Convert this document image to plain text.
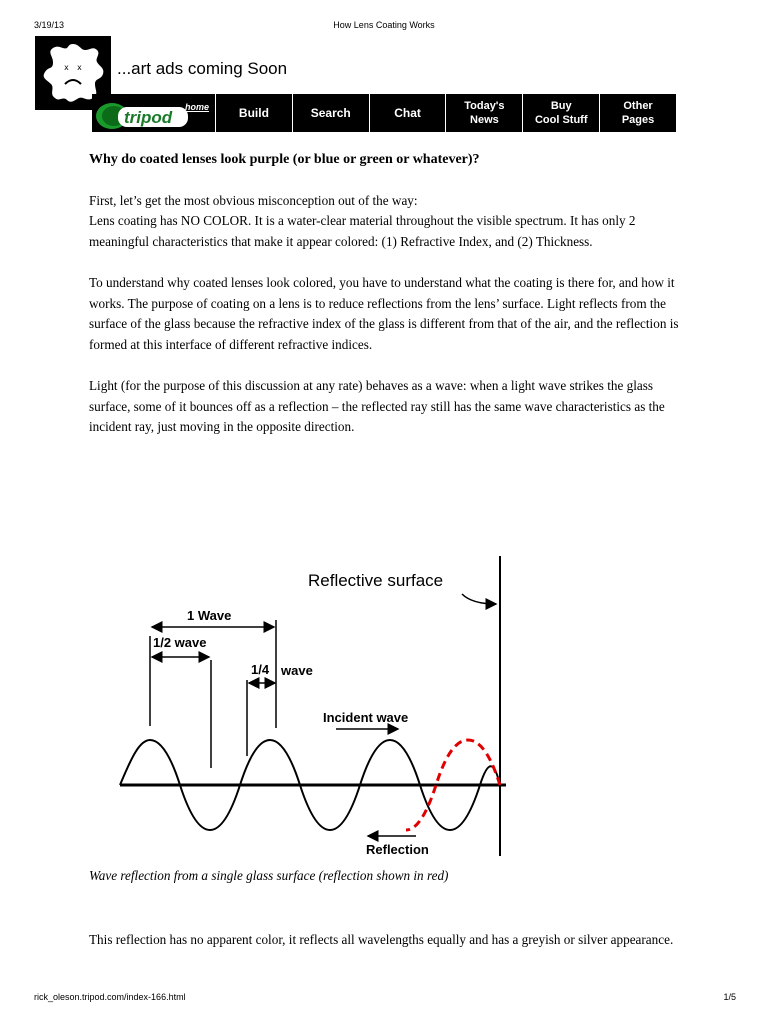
3/19/13	How Lens Coating Works
x x ...art ads coming Soon
tripod
home	Build	Search	Chat	Today's
News
Buy
Cool Stuff
Other
Pages

Why do coated lenses look purple (or blue or green or whatever)?

First, let’s get the most obvious misconception out of the way:
Lens coating has NO COLOR. It is a water-clear material throughout the visible spectrum. It has only 2 meaningful characteristics that make it appear colored: (1) Refractive Index, and (2) Thickness.

To understand why coated lenses look colored, you have to understand what the coating is there for, and how it works. The purpose of coating on a lens is to reduce reflections from the lens’ surface. Light reflects from the surface of the glass because the refractive index of the glass is different from that of the air, and the reflection is formed at this interface of different refractive indices.

Light (for the purpose of this discussion at any rate) behaves as a wave: when a light wave strikes the glass surface, some of it bounces off as a reflection – the reflected ray still has the same wave characteristics as the incident ray, just moving in the opposite direction.

Reflective surface
1 Wave
1/2 wave
1/4 wave
Incident wave
Reflection
Wave reflection from a single glass surface (reflection shown in red)
This reflection has no apparent color, it reflects all wavelengths equally and has a greyish or silver appearance.
rick_oleson.tripod.com/index-166.html	1/5
